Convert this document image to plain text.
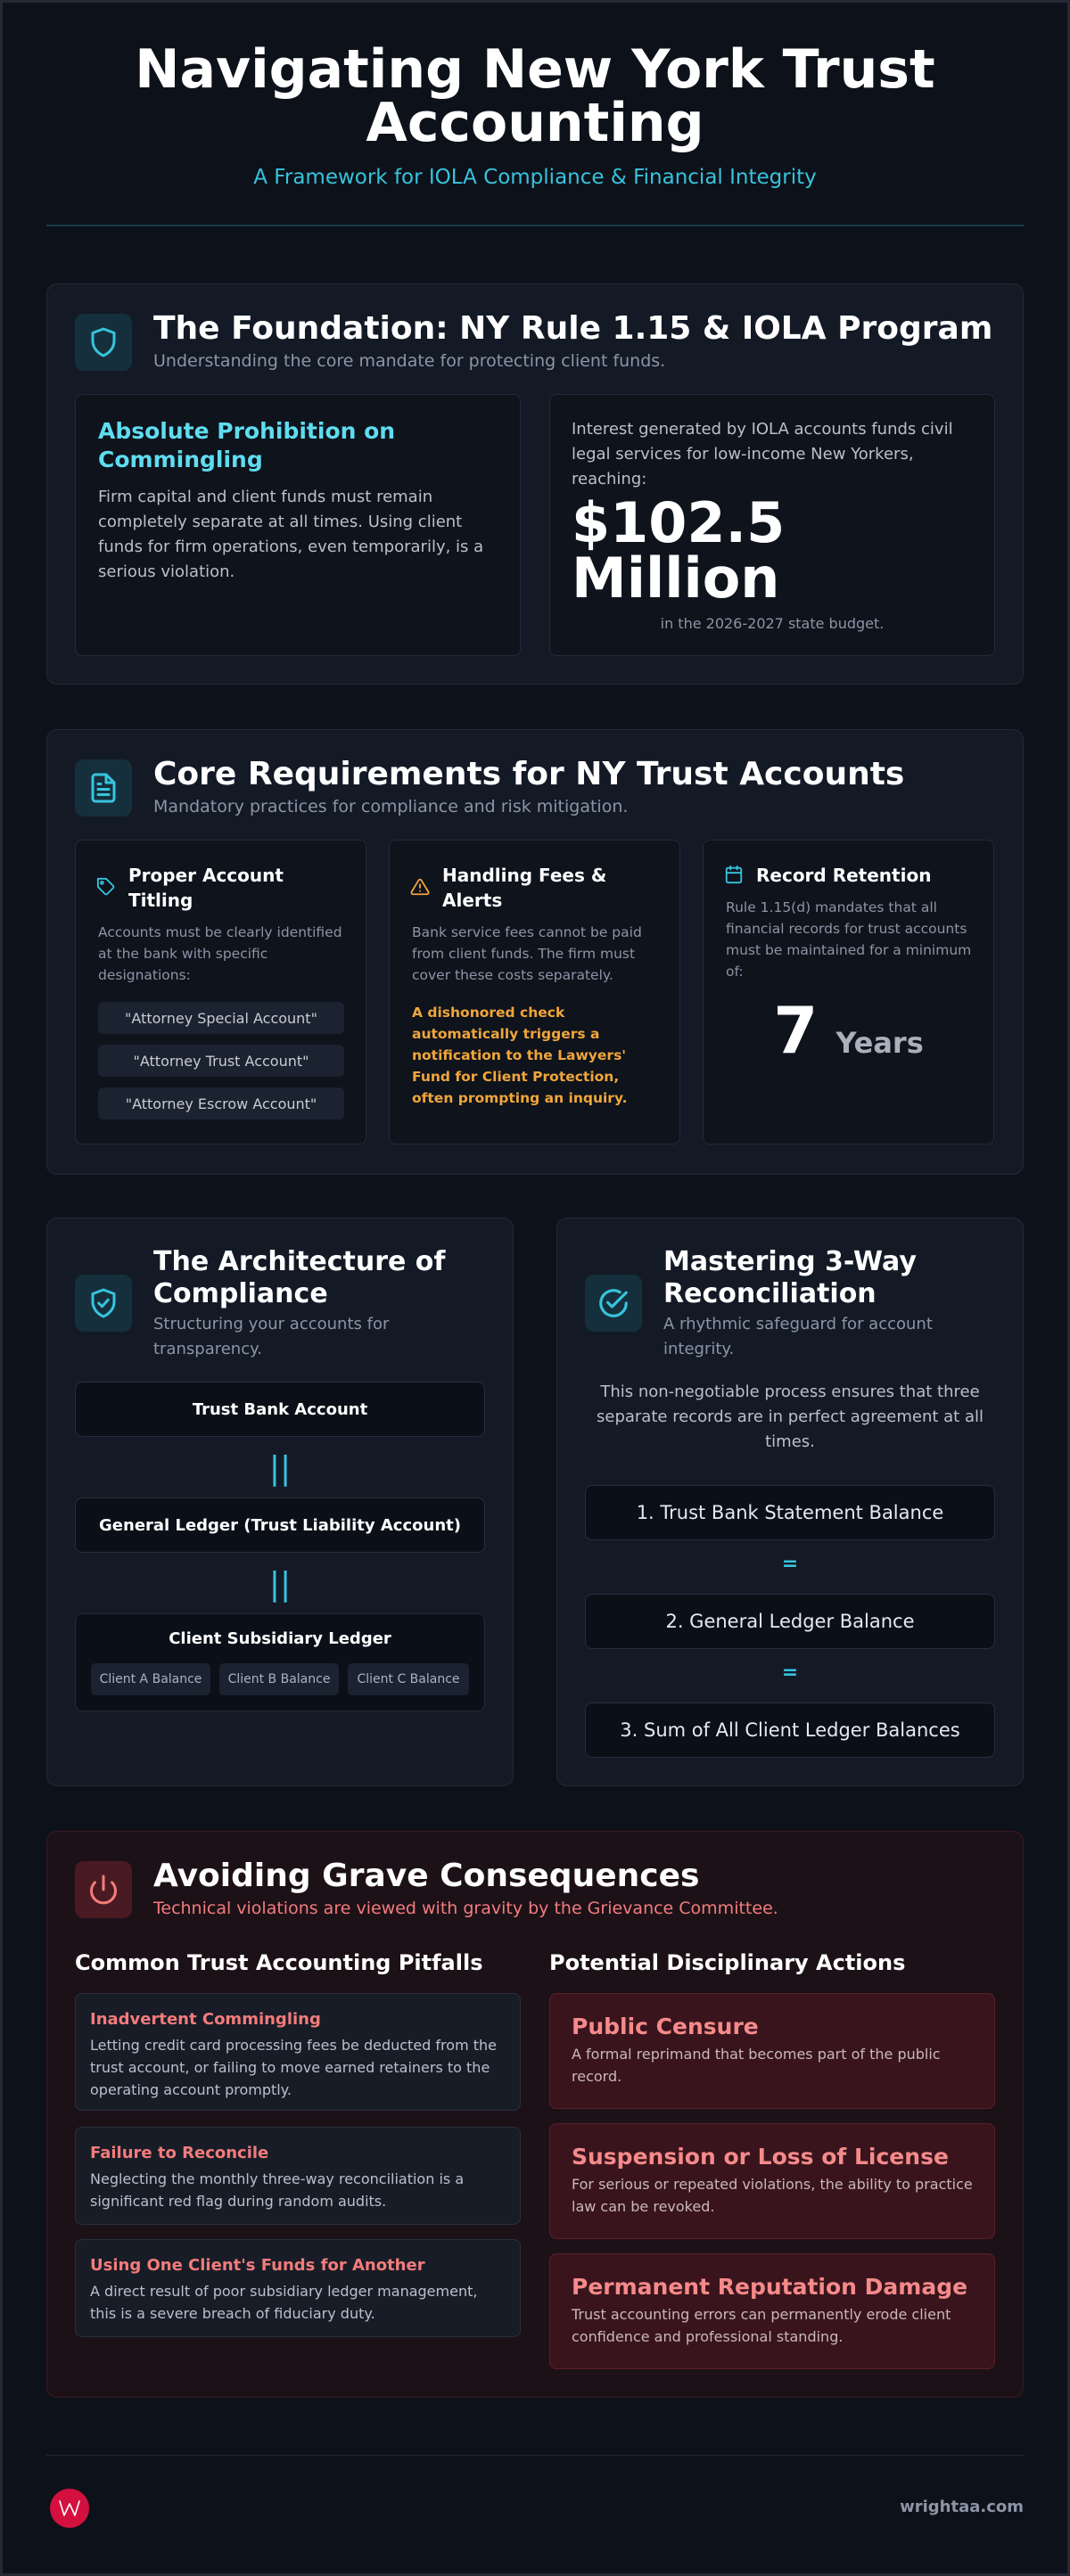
Navigating New York Trust
Accounting
A Framework for IOLA Compliance & Financial Integrity
The Foundation: NY Rule 1.15 & IOLA Program
Understanding the core mandate for protecting client funds.
Absolute Prohibition on
Commingling
Firm capital and client funds must remain completely separate at all times. Using client funds for firm operations, even temporarily, is a serious violation.
Interest generated by IOLA accounts funds civil legal services for low-income New Yorkers, reaching:
$102.5
Million
in the 2026-2027 state budget.
Core Requirements for NY Trust Accounts
Mandatory practices for compliance and risk mitigation.
Proper Account
Titling
Accounts must be clearly identified at the bank with specific designations:
"Attorney Special Account"
"Attorney Trust Account"
"Attorney Escrow Account"
Handling Fees &
Alerts
Bank service fees cannot be paid from client funds. The firm must cover these costs separately.
A dishonored check automatically triggers a notification to the Lawyers' Fund for Client Protection, often prompting an inquiry.
Record Retention
Rule 1.15(d) mandates that all financial records for trust accounts must be maintained for a minimum of:
7 Years
The Architecture of
Compliance
Structuring your accounts for
transparency.
Trust Bank Account
||
General Ledger (Trust Liability Account)
||
Client Subsidiary Ledger
Client A Balance	Client B Balance	Client C Balance
Mastering 3-Way
Reconciliation
A rhythmic safeguard for account
integrity.
This non-negotiable process ensures that three separate records are in perfect agreement at all times.
1. Trust Bank Statement Balance
=
2. General Ledger Balance
=
3. Sum of All Client Ledger Balances
Avoiding Grave Consequences
Technical violations are viewed with gravity by the Grievance Committee.
Common Trust Accounting Pitfalls	Potential Disciplinary Actions
Inadvertent Commingling
Letting credit card processing fees be deducted from the trust account, or failing to move earned retainers to the operating account promptly.
Failure to Reconcile
Neglecting the monthly three-way reconciliation is a significant red flag during random audits.
Using One Client's Funds for Another
A direct result of poor subsidiary ledger management, this is a severe breach of fiduciary duty.
Public Censure
A formal reprimand that becomes part of the public record.
Suspension or Loss of License
For serious or repeated violations, the ability to practice law can be revoked.
Permanent Reputation Damage
Trust accounting errors can permanently erode client confidence and professional standing.
wrightaa.com
